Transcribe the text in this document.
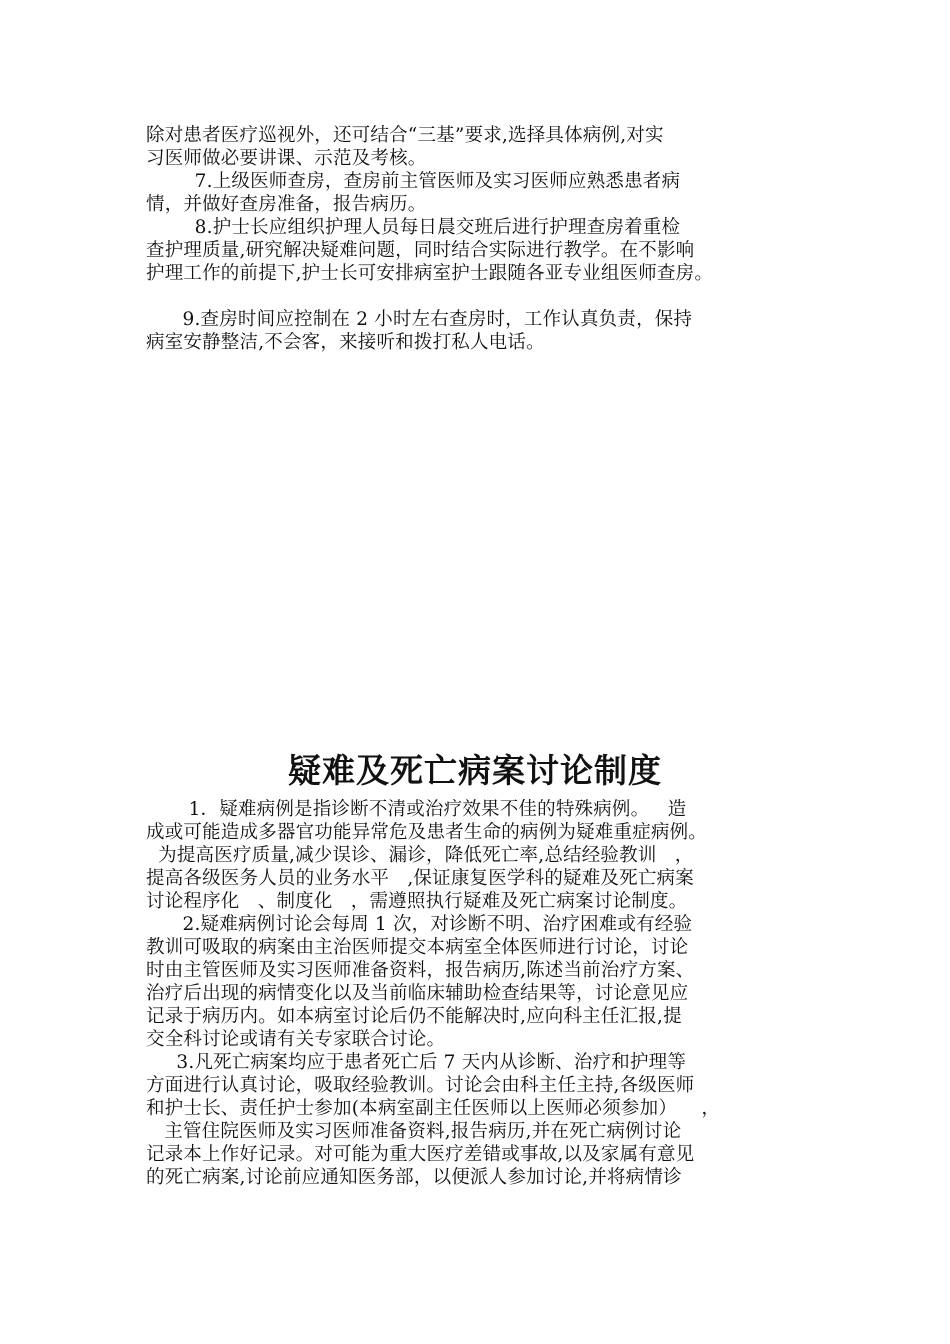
除对患者医疗巡视外，还可结合“三基”要求,选择具体病例,对实
习医师做必要讲课、示范及考核。
7.上级医师查房，查房前主管医师及实习医师应熟悉患者病
情，并做好查房准备，报告病历。
8.护士长应组织护理人员每日晨交班后进行护理查房着重检
查护理质量,研究解决疑难问题，同时结合实际进行教学。在不影响
护理工作的前提下,护士长可安排病室护士跟随各亚专业组医师查房。
9.查房时间应控制在 2 小时左右查房时，工作认真负责，保持
病室安静整洁,不会客，来接听和拨打私人电话。
疑难及死亡病案讨论制度
1．疑难病例是指诊断不清或治疗效果不佳的特殊病例。   造
成或可能造成多器官功能异常危及患者生命的病例为疑难重症病例。
为提高医疗质量,减少误诊、漏诊，降低死亡率,总结经验教训   ，
提高各级医务人员的业务水平   ,保证康复医学科的疑难及死亡病案
讨论程序化   、制度化   ，需遵照执行疑难及死亡病案讨论制度。
2.疑难病例讨论会每周 1 次，对诊断不明、治疗困难或有经验
教训可吸取的病案由主治医师提交本病室全体医师进行讨论，讨论
时由主管医师及实习医师准备资料，报告病历,陈述当前治疗方案、
治疗后出现的病情变化以及当前临床辅助检查结果等，讨论意见应
记录于病历内。如本病室讨论后仍不能解决时,应向科主任汇报,提
交全科讨论或请有关专家联合讨论。
3.凡死亡病案均应于患者死亡后 7 天内从诊断、治疗和护理等
方面进行认真讨论，吸取经验教训。讨论会由科主任主持,各级医师
和护士长、责任护士参加(本病室副主任医师以上医师必须参加）    ，
主管住院医师及实习医师准备资料,报告病历,并在死亡病例讨论
记录本上作好记录。对可能为重大医疗差错或事故,以及家属有意见
的死亡病案,讨论前应通知医务部，以便派人参加讨论,并将病情诊
